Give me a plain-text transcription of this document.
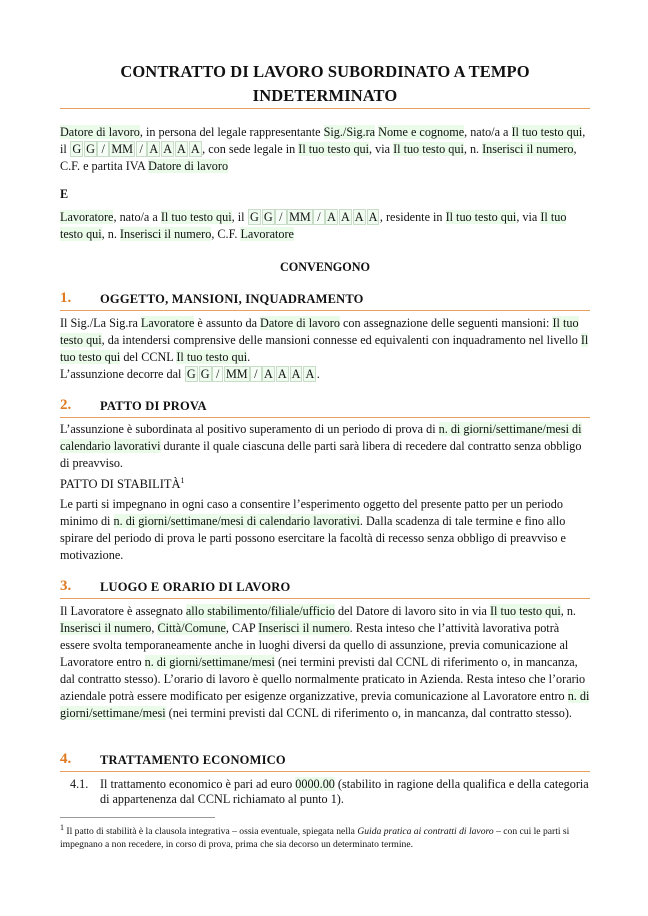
CONTRATTO DI LAVORO SUBORDINATO A TEMPO
INDETERMINATO
Datore di lavoro, in persona del legale rappresentante Sig./Sig.ra Nome e cognome, nato/a a Il tuo testo qui, il G G / MM / A A A A , con sede legale in Il tuo testo qui, via Il tuo testo qui, n. Inserisci il numero, C.F. e partita IVA Datore di lavoro
E
Lavoratore, nato/a a Il tuo testo qui, il G G / MM / A A A A , residente in Il tuo testo qui, via Il tuo testo qui, n. Inserisci il numero, C.F. Lavoratore
CONVENGONO
1. OGGETTO, MANSIONI, INQUADRAMENTO
Il Sig./La Sig.ra Lavoratore è assunto da Datore di lavoro con assegnazione delle seguenti mansioni: Il tuo testo qui, da intendersi comprensive delle mansioni connesse ed equivalenti con inquadramento nel livello Il tuo testo qui del CCNL Il tuo testo qui.
L’assunzione decorre dal G G / MM / A A A A .
2. PATTO DI PROVA
L’assunzione è subordinata al positivo superamento di un periodo di prova di n. di giorni/settimane/mesi di calendario lavorativi durante il quale ciascuna delle parti sarà libera di recedere dal contratto senza obbligo di preavviso.
PATTO DI STABILITÀ$^1$
Le parti si impegnano in ogni caso a consentire l’esperimento oggetto del presente patto per un periodo minimo di n. di giorni/settimane/mesi di calendario lavorativi. Dalla scadenza di tale termine e fino allo spirare del periodo di prova le parti possono esercitare la facoltà di recesso senza obbligo di preavviso e motivazione.
3. LUOGO E ORARIO DI LAVORO
Il Lavoratore è assegnato allo stabilimento/filiale/ufficio del Datore di lavoro sito in via Il tuo testo qui, n. Inserisci il numero, Città/Comune, CAP Inserisci il numero. Resta inteso che l’attività lavorativa potrà essere svolta temporaneamente anche in luoghi diversi da quello di assunzione, previa comunicazione al Lavoratore entro n. di giorni/settimane/mesi (nei termini previsti dal CCNL di riferimento o, in mancanza, dal contratto stesso). L’orario di lavoro è quello normalmente praticato in Azienda. Resta inteso che l’orario aziendale potrà essere modificato per esigenze organizzative, previa comunicazione al Lavoratore entro n. di giorni/settimane/mesi (nei termini previsti dal CCNL di riferimento o, in mancanza, dal contratto stesso).
4. TRATTAMENTO ECONOMICO
4.1. Il trattamento economico è pari ad euro 0000.00 (stabilito in ragione della qualifica e della categoria di appartenenza dal CCNL richiamato al punto 1).
$^1$ Il patto di stabilità è la clausola integrativa – ossia eventuale, spiegata nella Guida pratica ai contratti di lavoro – con cui le parti si impegnano a non recedere, in corso di prova, prima che sia decorso un determinato termine.
